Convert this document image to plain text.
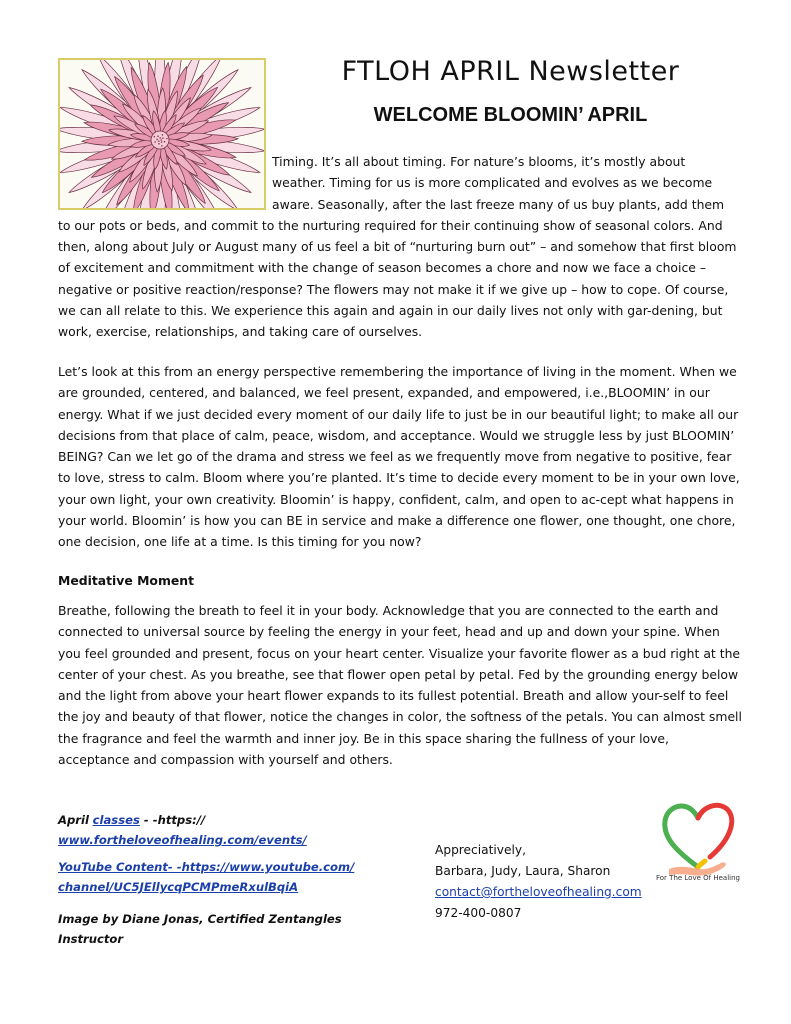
FTLOH APRIL Newsletter
WELCOME BLOOMIN’ APRIL

Timing. It’s all about timing. For nature’s blooms, it’s mostly about weather. Timing for us is more complicated and evolves as we become aware. Seasonally, after the last freeze many of us buy plants, add them

to our pots or beds, and commit to the nurturing required for their continuing show of seasonal colors. And then, along about July or August many of us feel a bit of “nurturing burn out” – and somehow that first bloom of excitement and commitment with the change of season becomes a chore and now we face a choice – negative or positive reaction/response? The flowers may not make it if we give up – how to cope. Of course, we can all relate to this. We experience this again and again in our daily lives not only with gar-dening, but work, exercise, relationships, and taking care of ourselves.

Let’s look at this from an energy perspective remembering the importance of living in the moment. When we are grounded, centered, and balanced, we feel present, expanded, and empowered, i.e.,BLOOMIN’ in our energy. What if we just decided every moment of our daily life to just be in our beautiful light; to make all our decisions from that place of calm, peace, wisdom, and acceptance. Would we struggle less by just BLOOMIN’ BEING? Can we let go of the drama and stress we feel as we frequently move from negative to positive, fear to love, stress to calm. Bloom where you’re planted. It’s time to decide every moment to be in your own love, your own light, your own creativity. Bloomin’ is happy, confident, calm, and open to ac-cept what happens in your world. Bloomin’ is how you can BE in service and make a difference one flower, one thought, one chore, one decision, one life at a time. Is this timing for you now?

Meditative Moment

Breathe, following the breath to feel it in your body. Acknowledge that you are connected to the earth and connected to universal source by feeling the energy in your feet, head and up and down your spine. When you feel grounded and present, focus on your heart center. Visualize your favorite flower as a bud right at the center of your chest. As you breathe, see that flower open petal by petal. Fed by the grounding energy below and the light from above your heart flower expands to its fullest potential. Breath and allow your-self to feel the joy and beauty of that flower, notice the changes in color, the softness of the petals. You can almost smell the fragrance and feel the warmth and inner joy. Be in this space sharing the fullness of your love, acceptance and compassion with yourself and others.

April classes - -https://
www.fortheloveofhealing.com/events/
YouTube Content- -https://www.youtube.com/
channel/UC5JEllycqPCMPmeRxulBqiA
Image by Diane Jonas, Certified Zentangles Instructor
Appreciatively,
Barbara, Judy, Laura, Sharon
contact@fortheloveofhealing.com
972-400-0807
For The Love Of Healing
